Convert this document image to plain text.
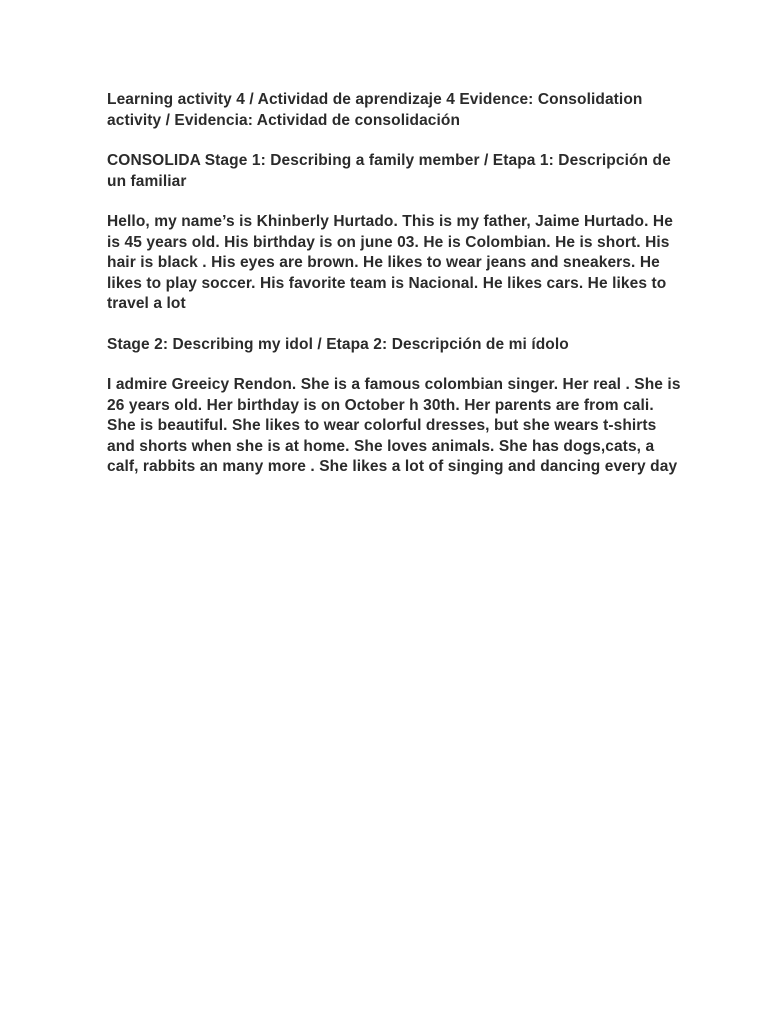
Learning activity 4 / Actividad de aprendizaje 4 Evidence: Consolidation
activity / Evidencia: Actividad de consolidación

CONSOLIDA Stage 1: Describing a family member / Etapa 1: Descripción de
un familiar

Hello, my name’s is Khinberly Hurtado. This is my father, Jaime Hurtado. He
is 45 years old. His birthday is on june 03. He is Colombian. He is short. His
hair is black . His eyes are brown. He likes to wear jeans and sneakers. He
likes to play soccer. His favorite team is Nacional. He likes cars. He likes to
travel a lot

Stage 2: Describing my idol / Etapa 2: Descripción de mi ídolo

I admire Greeicy Rendon. She is a famous colombian singer. Her real . She is
26 years old. Her birthday is on October h 30th. Her parents are from cali.
She is beautiful. She likes to wear colorful dresses, but she wears t-shirts
and shorts when she is at home. She loves animals. She has dogs,cats, a
calf, rabbits an many more . She likes a lot of singing and dancing every day
